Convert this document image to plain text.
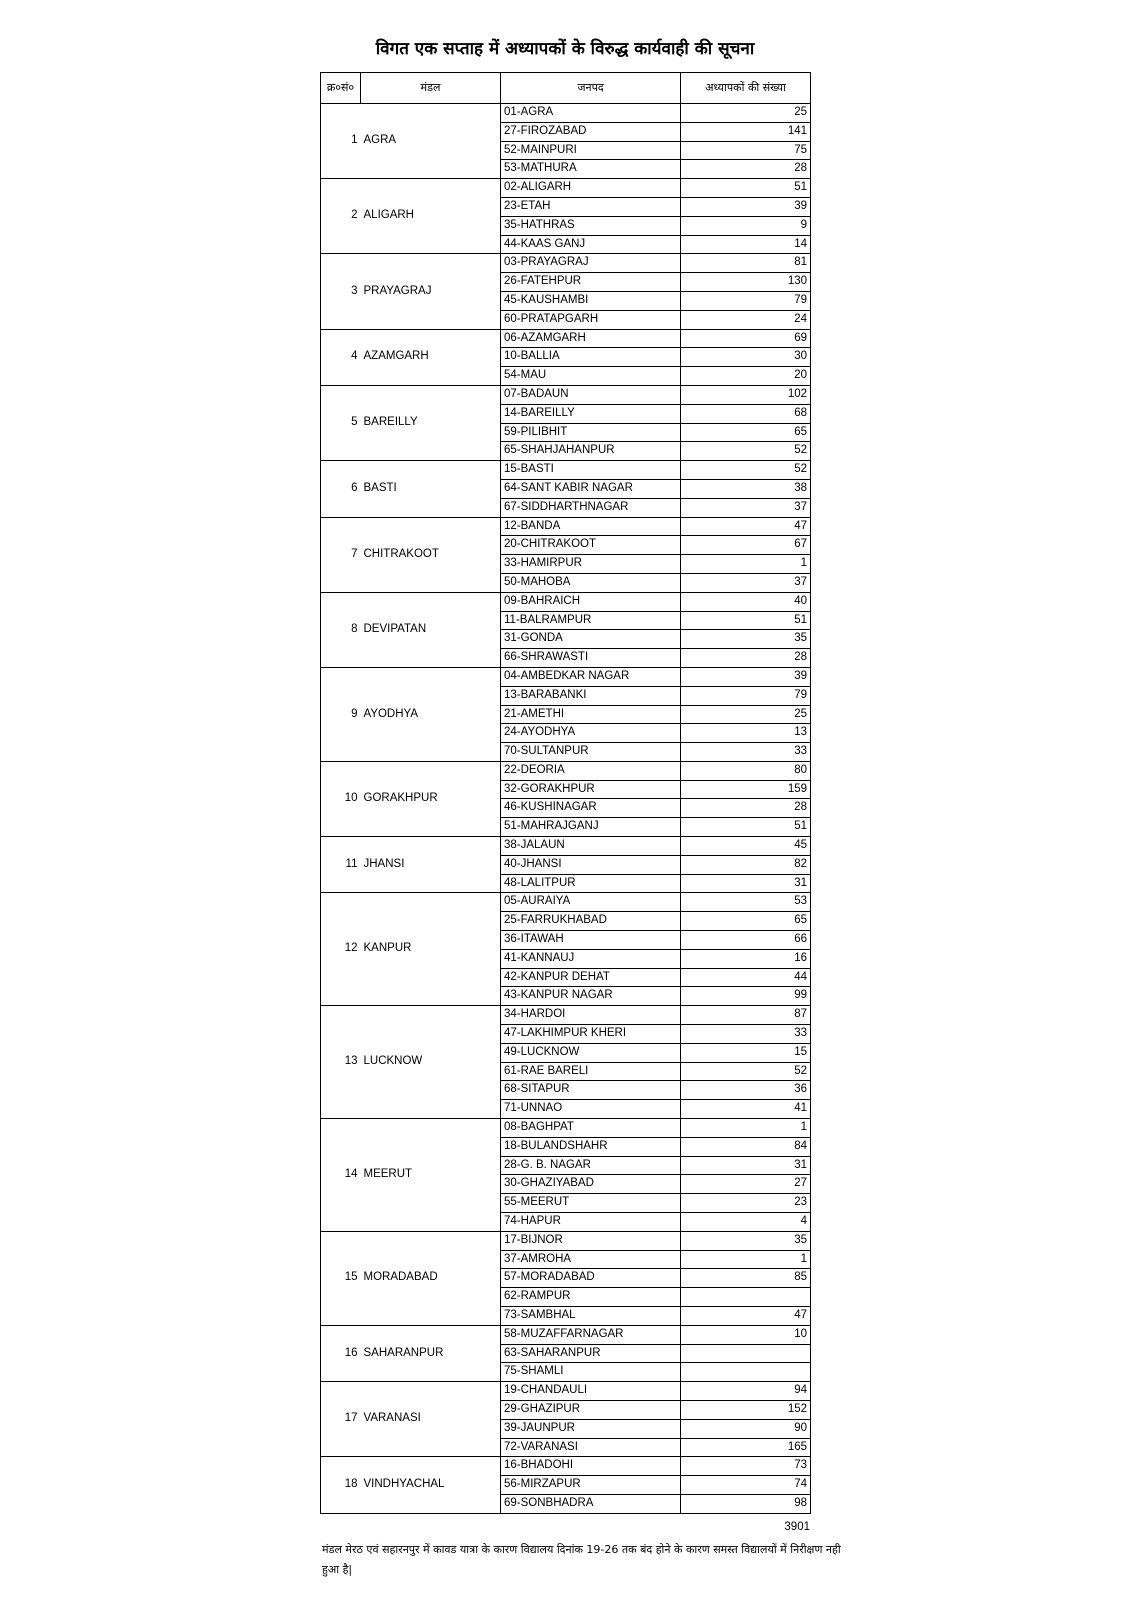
विगत एक सप्ताह में अध्यापकों के विरुद्ध कार्यवाही की सूचना
क्र०सं०	मंडल	जनपद	अध्यापकों की संख्या
1	AGRA	01-AGRA	25
		27-FIROZABAD	141
		52-MAINPURI	75
		53-MATHURA	28
2	ALIGARH	02-ALIGARH	51
		23-ETAH	39
		35-HATHRAS	9
		44-KAAS GANJ	14
3	PRAYAGRAJ	03-PRAYAGRAJ	81
		26-FATEHPUR	130
		45-KAUSHAMBI	79
		60-PRATAPGARH	24
4	AZAMGARH	06-AZAMGARH	69
		10-BALLIA	30
		54-MAU	20
5	BAREILLY	07-BADAUN	102
		14-BAREILLY	68
		59-PILIBHIT	65
		65-SHAHJAHANPUR	52
6	BASTI	15-BASTI	52
		64-SANT KABIR NAGAR	38
		67-SIDDHARTHNAGAR	37
7	CHITRAKOOT	12-BANDA	47
		20-CHITRAKOOT	67
		33-HAMIRPUR	1
		50-MAHOBA	37
8	DEVIPATAN	09-BAHRAICH	40
		11-BALRAMPUR	51
		31-GONDA	35
		66-SHRAWASTI	28
9	AYODHYA	04-AMBEDKAR NAGAR	39
		13-BARABANKI	79
		21-AMETHI	25
		24-AYODHYA	13
		70-SULTANPUR	33
10	GORAKHPUR	22-DEORIA	80
		32-GORAKHPUR	159
		46-KUSHINAGAR	28
		51-MAHRAJGANJ	51
11	JHANSI	38-JALAUN	45
		40-JHANSI	82
		48-LALITPUR	31
12	KANPUR	05-AURAIYA	53
		25-FARRUKHABAD	65
		36-ITAWAH	66
		41-KANNAUJ	16
		42-KANPUR DEHAT	44
		43-KANPUR NAGAR	99
13	LUCKNOW	34-HARDOI	87
		47-LAKHIMPUR KHERI	33
		49-LUCKNOW	15
		61-RAE BARELI	52
		68-SITAPUR	36
		71-UNNAO	41
14	MEERUT	08-BAGHPAT	1
		18-BULANDSHAHR	84
		28-G. B. NAGAR	31
		30-GHAZIYABAD	27
		55-MEERUT	23
		74-HAPUR	4
15	MORADABAD	17-BIJNOR	35
		37-AMROHA	1
		57-MORADABAD	85
		62-RAMPUR	
		73-SAMBHAL	47
16	SAHARANPUR	58-MUZAFFARNAGAR	10
		63-SAHARANPUR	
		75-SHAMLI	
17	VARANASI	19-CHANDAULI	94
		29-GHAZIPUR	152
		39-JAUNPUR	90
		72-VARANASI	165
18	VINDHYACHAL	16-BHADOHI	73
		56-MIRZAPUR	74
		69-SONBHADRA	98
3901
मंडल मेरठ एवं सहारनपुर में कावड यात्रा के कारण विद्यालय दिनांक 19-26 तक बंद होने के कारण समस्त विद्यालयों में निरीक्षण नही हुआ है|
